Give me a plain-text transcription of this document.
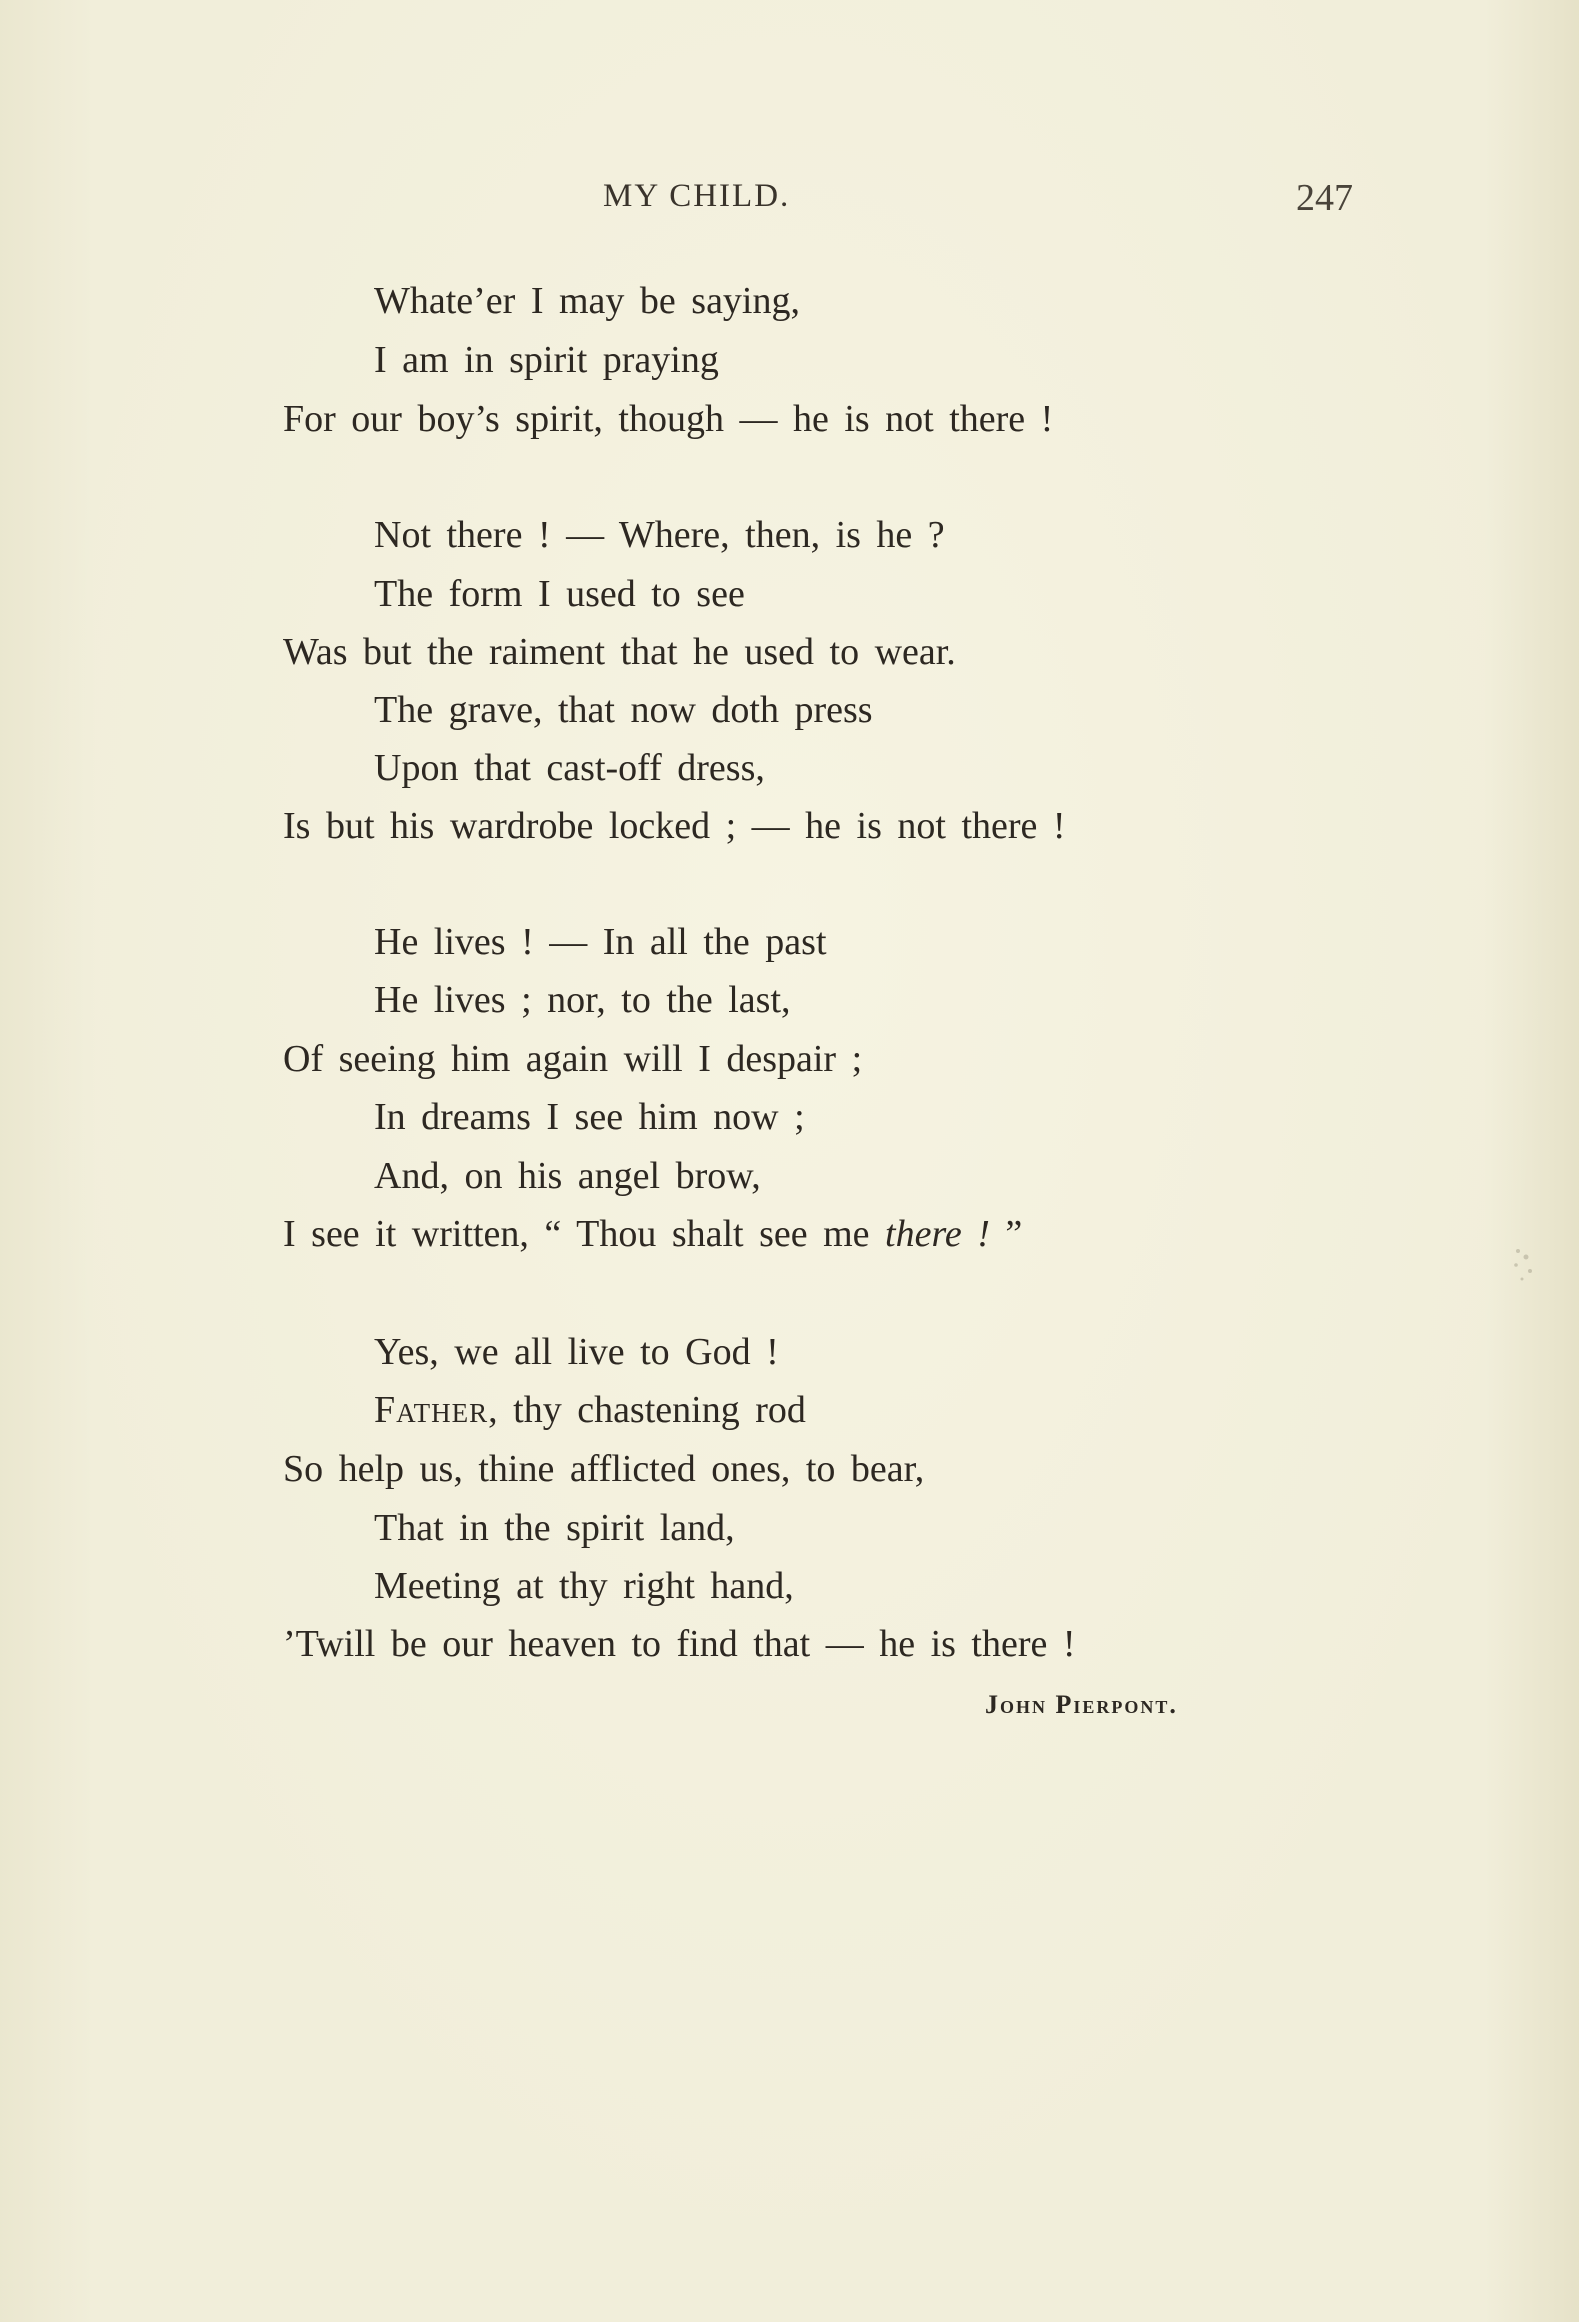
MY CHILD.	247
Whate’er I may be saying,
I am in spirit praying
For our boy’s spirit, though — he is not there !
Not there ! — Where, then, is he ?
The form I used to see
Was but the raiment that he used to wear.
The grave, that now doth press
Upon that cast-off dress,
Is but his wardrobe locked ; — he is not there !
He lives ! — In all the past
He lives ; nor, to the last,
Of seeing him again will I despair ;
In dreams I see him now ;
And, on his angel brow,
I see it written, “ Thou shalt see me there ! ”
Yes, we all live to God !
Father, thy chastening rod
So help us, thine afflicted ones, to bear,
That in the spirit land,
Meeting at thy right hand,
’Twill be our heaven to find that — he is there !
John Pierpont.
